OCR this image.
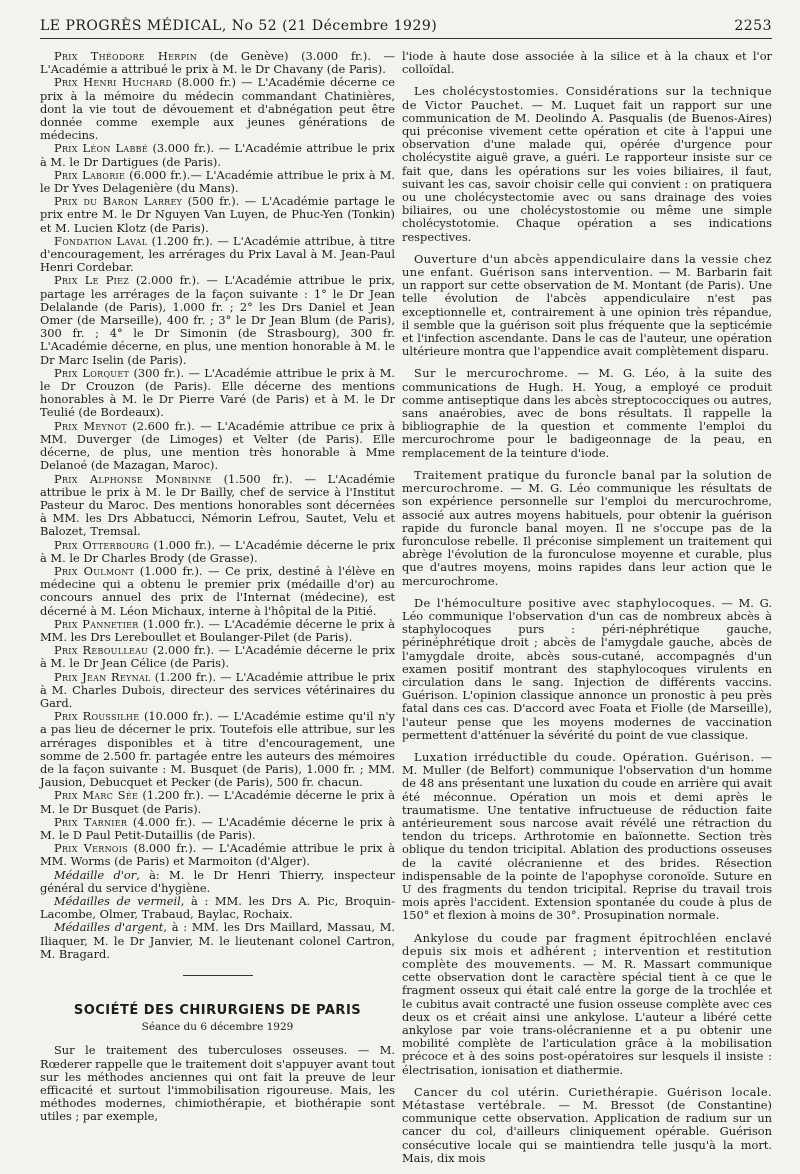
LE PROGRÈS MÉDICAL, No 52 (21 Décembre 1929)	2253

Prix Théodore Herpin (de Genève) (3.000 fr.). — L'Académie a attribué le prix à M. le Dr Chavany (de Paris).

Prix Henri Huchard (8.000 fr.) — L'Académie décerne ce prix à la mémoire du médecin commandant Chatinières, dont la vie tout de dévouement et d'abnégation peut être donnée comme exemple aux jeunes générations de médecins.

Prix Léon Labbé (3.000 fr.). — L'Académie attribue le prix à M. le Dr Dartigues (de Paris).

Prix Laborie (6.000 fr.).— L'Académie attribue le prix à M. le Dr Yves Delagenière (du Mans).

Prix du Baron Larrey (500 fr.). — L'Académie partage le prix entre M. le Dr Nguyen Van Luyen, de Phuc-Yen (Tonkin) et M. Lucien Klotz (de Paris).

Fondation Laval (1.200 fr.). — L'Académie attribue, à titre d'encouragement, les arrérages du Prix Laval à M. Jean-Paul Henri Cordebar.

Prix Le Piez (2.000 fr.). — L'Académie attribue le prix, partage les arrérages de la façon suivante : 1° le Dr Jean Delalande (de Paris), 1.000 fr. ; 2° les Drs Daniel et Jean Omer (de Marseille), 400 fr. ; 3° le Dr Jean Blum (de Paris), 300 fr. ; 4° le Dr Simonin (de Strasbourg), 300 fr. L'Académie décerne, en plus, une mention honorable à M. le Dr Marc Iselin (de Paris).

Prix Lorquet (300 fr.). — L'Académie attribue le prix à M. le Dr Crouzon (de Paris). Elle décerne des mentions honorables à M. le Dr Pierre Varé (de Paris) et à M. le Dr Teulié (de Bordeaux).

Prix Meynot (2.600 fr.). — L'Académie attribue ce prix à MM. Duverger (de Limoges) et Velter (de Paris). Elle décerne, de plus, une mention très honorable à Mme Delanoé (de Mazagan, Maroc).

Prix Alphonse Monbinne (1.500 fr.). — L'Académie attribue le prix à M. le Dr Bailly, chef de service à l'Institut Pasteur du Maroc. Des mentions honorables sont décernées à MM. les Drs Abbatucci, Némorin Lefrou, Sautet, Velu et Balozet, Tremsal.

Prix Otterbourg (1.000 fr.). — L'Académie décerne le prix à M. le Dr Charles Brody (de Grasse).

Prix Oulmont (1.000 fr.). — Ce prix, destiné à l'élève en médecine qui a obtenu le premier prix (médaille d'or) au concours annuel des prix de l'Internat (médecine), est décerné à M. Léon Michaux, interne à l'hôpital de la Pitié.

Prix Pannetier (1.000 fr.). — L'Académie décerne le prix à MM. les Drs Lereboullet et Boulanger-Pilet (de Paris).

Prix Reboulleau (2.000 fr.). — L'Académie décerne le prix à M. le Dr Jean Célice (de Paris).

Prix Jean Reynal (1.200 fr.). — L'Académie attribue le prix à M. Charles Dubois, directeur des services vétérinaires du Gard.

Prix Roussilhe (10.000 fr.). — L'Académie estime qu'il n'y a pas lieu de décerner le prix. Toutefois elle attribue, sur les arrérages disponibles et à titre d'encouragement, une somme de 2.500 fr. partagée entre les auteurs des mémoires de la façon suivante : M. Busquet (de Paris), 1.000 fr. ; MM. Jausion, Debucquet et Pecker (de Paris), 500 fr. chacun.

Prix Marc Sée (1.200 fr.). — L'Académie décerne le prix à M. le Dr Busquet (de Paris).

Prix Tarnier (4.000 fr.). — L'Académie décerne le prix à M. le D Paul Petit-Dutaillis (de Paris).

Prix Vernois (8.000 fr.). — L'Académie attribue le prix à MM. Worms (de Paris) et Marmoiton (d'Alger).

Médaille d'or, à: M. le Dr Henri Thierry, inspecteur général du service d'hygiène.

Médailles de vermeil, à : MM. les Drs A. Pic, Broquin-Lacombe, Olmer, Trabaud, Baylac, Rochaix.

Médailles d'argent, à : MM. les Drs Maillard, Massau, M. Iliaquer, M. le Dr Janvier, M. le lieutenant colonel Cartron, M. Bragard.

SOCIÉTÉ DES CHIRURGIENS DE PARIS
Séance du 6 décembre 1929

Sur le traitement des tuberculoses osseuses. — M. Rœderer rappelle que le traitement doit s'appuyer avant tout sur les méthodes anciennes qui ont fait la preuve de leur efficacité et surtout l'immobilisation rigoureuse. Mais, les méthodes modernes, chimiothérapie, et biothérapie sont utiles ; par exemple,

l'iode à haute dose associée à la silice et à la chaux et l'or colloïdal.

Les cholécystostomies. Considérations sur la technique de Victor Pauchet. — M. Luquet fait un rapport sur une communication de M. Deolindo A. Pasqualis (de Buenos-Aires) qui préconise vivement cette opération et cite à l'appui une observation d'une malade qui, opérée d'urgence pour cholécystite aiguë grave, a guéri. Le rapporteur insiste sur ce fait que, dans les opérations sur les voies biliaires, il faut, suivant les cas, savoir choisir celle qui convient : on pratiquera ou une cholécystectomie avec ou sans drainage des voies biliaires, ou une cholécystostomie ou même une simple cholécystotomie. Chaque opération a ses indications respectives.

Ouverture d'un abcès appendiculaire dans la vessie chez une enfant. Guérison sans intervention. — M. Barbarin fait un rapport sur cette observation de M. Montant (de Paris). Une telle évolution de l'abcès appendiculaire n'est pas exceptionnelle et, contrairement à une opinion très répandue, il semble que la guérison soit plus fréquente que la septicémie et l'infection ascendante. Dans le cas de l'auteur, une opération ultérieure montra que l'appendice avait complètement disparu.

Sur le mercurochrome. — M. G. Léo, à la suite des communications de Hugh. H. Youg, a employé ce produit comme antiseptique dans les abcès streptococciques ou autres, sans anaérobies, avec de bons résultats. Il rappelle la bibliographie de la question et commente l'emploi du mercurochrome pour le badigeonnage de la peau, en remplacement de la teinture d'iode.

Traitement pratique du furoncle banal par la solution de mercurochrome. — M. G. Léo communique les résultats de son expérience personnelle sur l'emploi du mercurochrome, associé aux autres moyens habituels, pour obtenir la guérison rapide du furoncle banal moyen. Il ne s'occupe pas de la furonculose rebelle. Il préconise simplement un traitement qui abrège l'évolution de la furonculose moyenne et curable, plus que d'autres moyens, moins rapides dans leur action que le mercurochrome.

De l'hémoculture positive avec staphylocoques. — M. G. Léo communique l'observation d'un cas de nombreux abcès à staphylocoques purs : péri-néphrétique gauche, périnéphrétique droit ; abcès de l'amygdale gauche, abcès de l'amygdale droite, abcès sous-cutané, accompagnés d'un examen positif montrant des staphylocoques virulents en circulation dans le sang. Injection de différents vaccins. Guérison. L'opinion classique annonce un pronostic à peu près fatal dans ces cas. D'accord avec Foata et Fiolle (de Marseille), l'auteur pense que les moyens modernes de vaccination permettent d'atténuer la sévérité du point de vue classique.

Luxation irréductible du coude. Opération. Guérison. — M. Muller (de Belfort) communique l'observation d'un homme de 48 ans présentant une luxation du coude en arrière qui avait été méconnue. Opération un mois et demi après le traumatisme. Une tentative infructueuse de réduction faite antérieurement sous narcose avait révélé une rétraction du tendon du triceps. Arthrotomie en baïonnette. Section très oblique du tendon tricipital. Ablation des productions osseuses de la cavité olécranienne et des brides. Résection indispensable de la pointe de l'apophyse coronoïde. Suture en U des fragments du tendon tricipital. Reprise du travail trois mois après l'accident. Extension spontanée du coude à plus de 150° et flexion à moins de 30°. Prosupination normale.

Ankylose du coude par fragment épitrochléen enclavé depuis six mois et adhérent ; intervention et restitution complète des mouvements. — M. R. Massart communique cette observation dont le caractère spécial tient à ce que le fragment osseux qui était calé entre la gorge de la trochlée et le cubitus avait contracté une fusion osseuse complète avec ces deux os et créait ainsi une ankylose. L'auteur a libéré cette ankylose par voie trans-olécranienne et a pu obtenir une mobilité complète de l'articulation grâce à la mobilisation précoce et à des soins post-opératoires sur lesquels il insiste : électrisation, ionisation et diathermie.

Cancer du col utérin. Curiethérapie. Guérison locale. Métastase vertébrale. — M. Bressot (de Constantine) communique cette observation. Application de radium sur un cancer du col, d'ailleurs cliniquement opérable. Guérison consécutive locale qui se maintiendra telle jusqu'à la mort. Mais, dix mois
